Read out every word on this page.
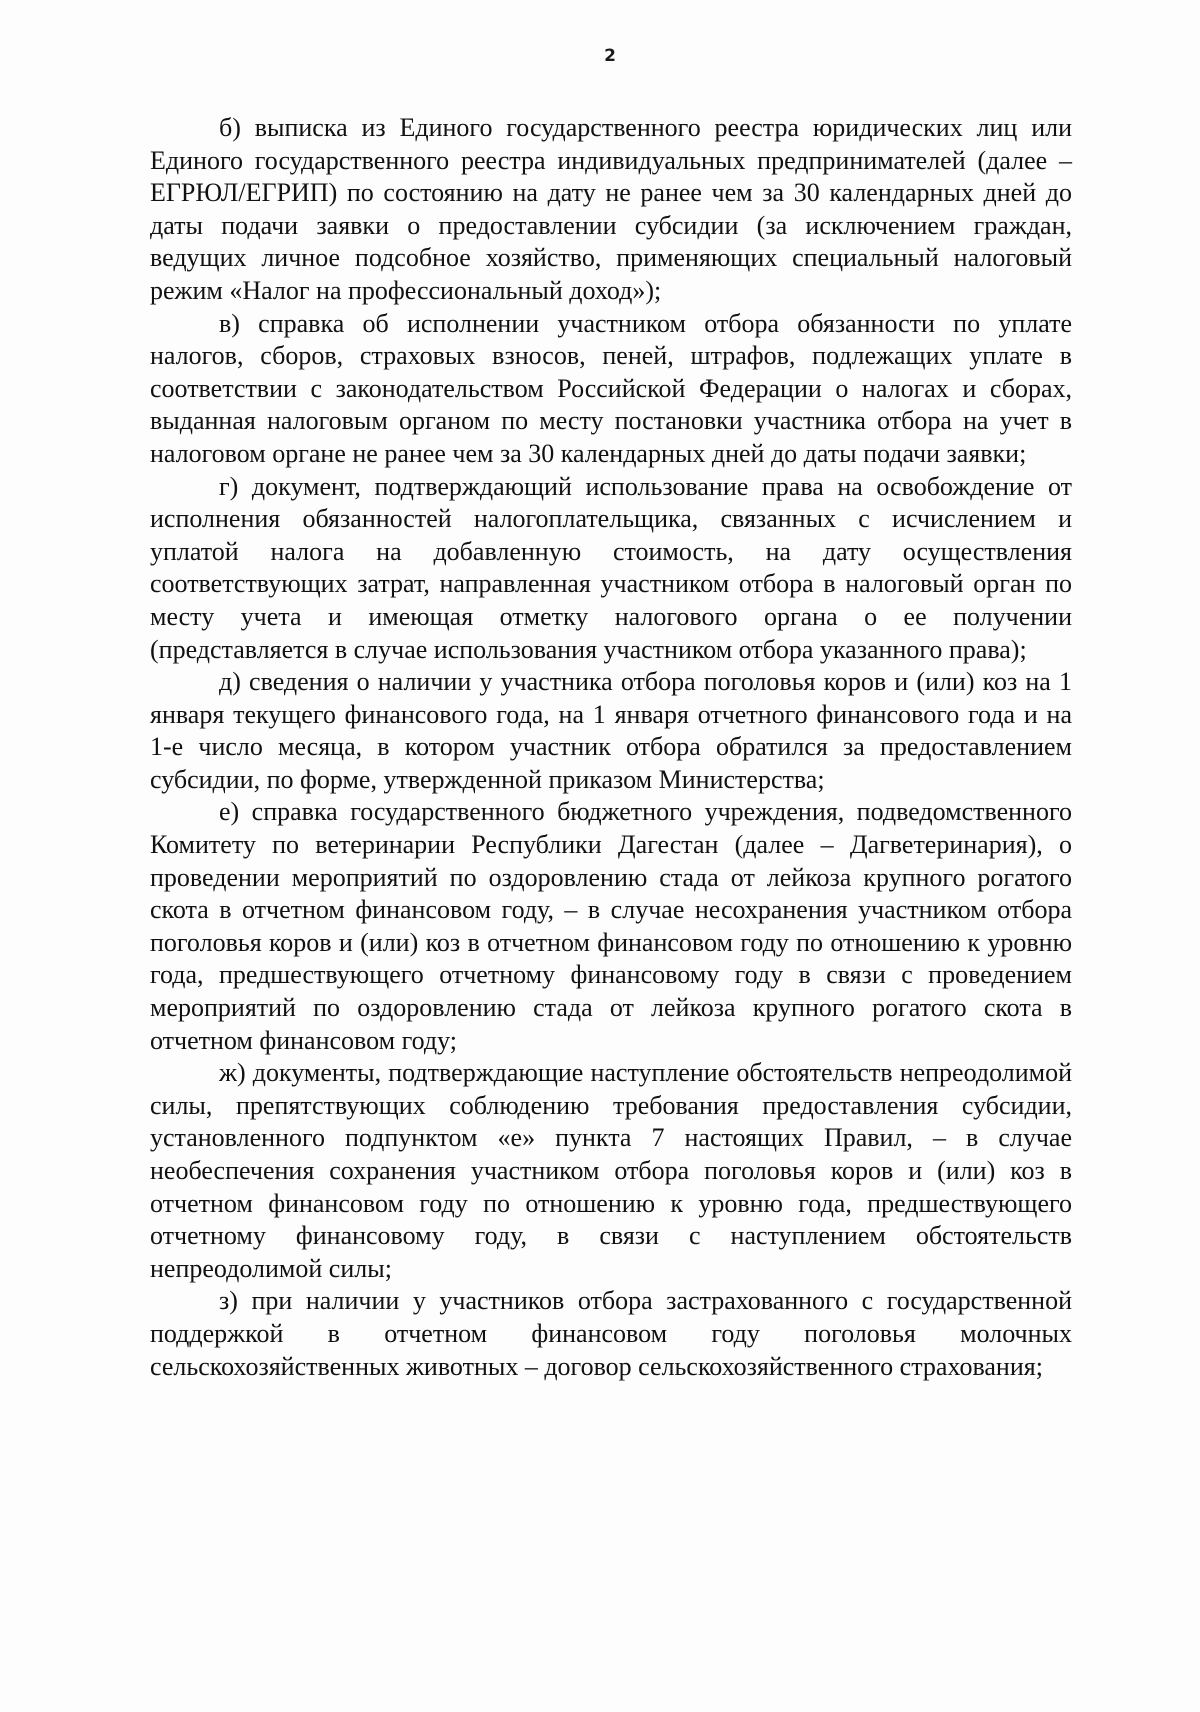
2

б) выписка из Единого государственного реестра юридических лиц или Единого государственного реестра индивидуальных предпринимателей (далее – ЕГРЮЛ/ЕГРИП) по состоянию на дату не ранее чем за 30 календарных дней до даты подачи заявки о предоставлении субсидии (за исключением граждан, ведущих личное подсобное хозяйство, применяющих специальный налоговый режим «Налог на профессиональный доход»);

в) справка об исполнении участником отбора обязанности по уплате налогов, сборов, страховых взносов, пеней, штрафов, подлежащих уплате в соответствии с законодательством Российской Федерации о налогах и сборах, выданная налоговым органом по месту постановки участника отбора на учет в налоговом органе не ранее чем за 30 календарных дней до даты подачи заявки;

г) документ, подтверждающий использование права на освобождение от исполнения обязанностей налогоплательщика, связанных с исчислением и уплатой налога на добавленную стоимость, на дату осуществления соответствующих затрат, направленная участником отбора в налоговый орган по месту учета и имеющая отметку налогового органа о ее получении (представляется в случае использования участником отбора указанного права);

д) сведения о наличии у участника отбора поголовья коров и (или) коз на 1 января текущего финансового года, на 1 января отчетного финансового года и на 1-е число месяца, в котором участник отбора обратился за предоставлением субсидии, по форме, утвержденной приказом Министерства;

е) справка государственного бюджетного учреждения, подведомственного Комитету по ветеринарии Республики Дагестан (далее – Дагветеринария), о проведении мероприятий по оздоровлению стада от лейкоза крупного рогатого скота в отчетном финансовом году, – в случае несохранения участником отбора поголовья коров и (или) коз в отчетном финансовом году по отношению к уровню года, предшествующего отчетному финансовому году в связи с проведением мероприятий по оздоровлению стада от лейкоза крупного рогатого скота в отчетном финансовом году;

ж) документы, подтверждающие наступление обстоятельств непреодолимой силы, препятствующих соблюдению требования предоставления субсидии, установленного подпунктом «е» пункта 7 настоящих Правил, – в случае необеспечения сохранения участником отбора поголовья коров и (или) коз в отчетном финансовом году по отношению к уровню года, предшествующего отчетному финансовому году, в связи с наступлением обстоятельств непреодолимой силы;

з) при наличии у участников отбора застрахованного с государственной поддержкой в отчетном финансовом году поголовья молочных сельскохозяйственных животных – договор сельскохозяйственного страхования;
